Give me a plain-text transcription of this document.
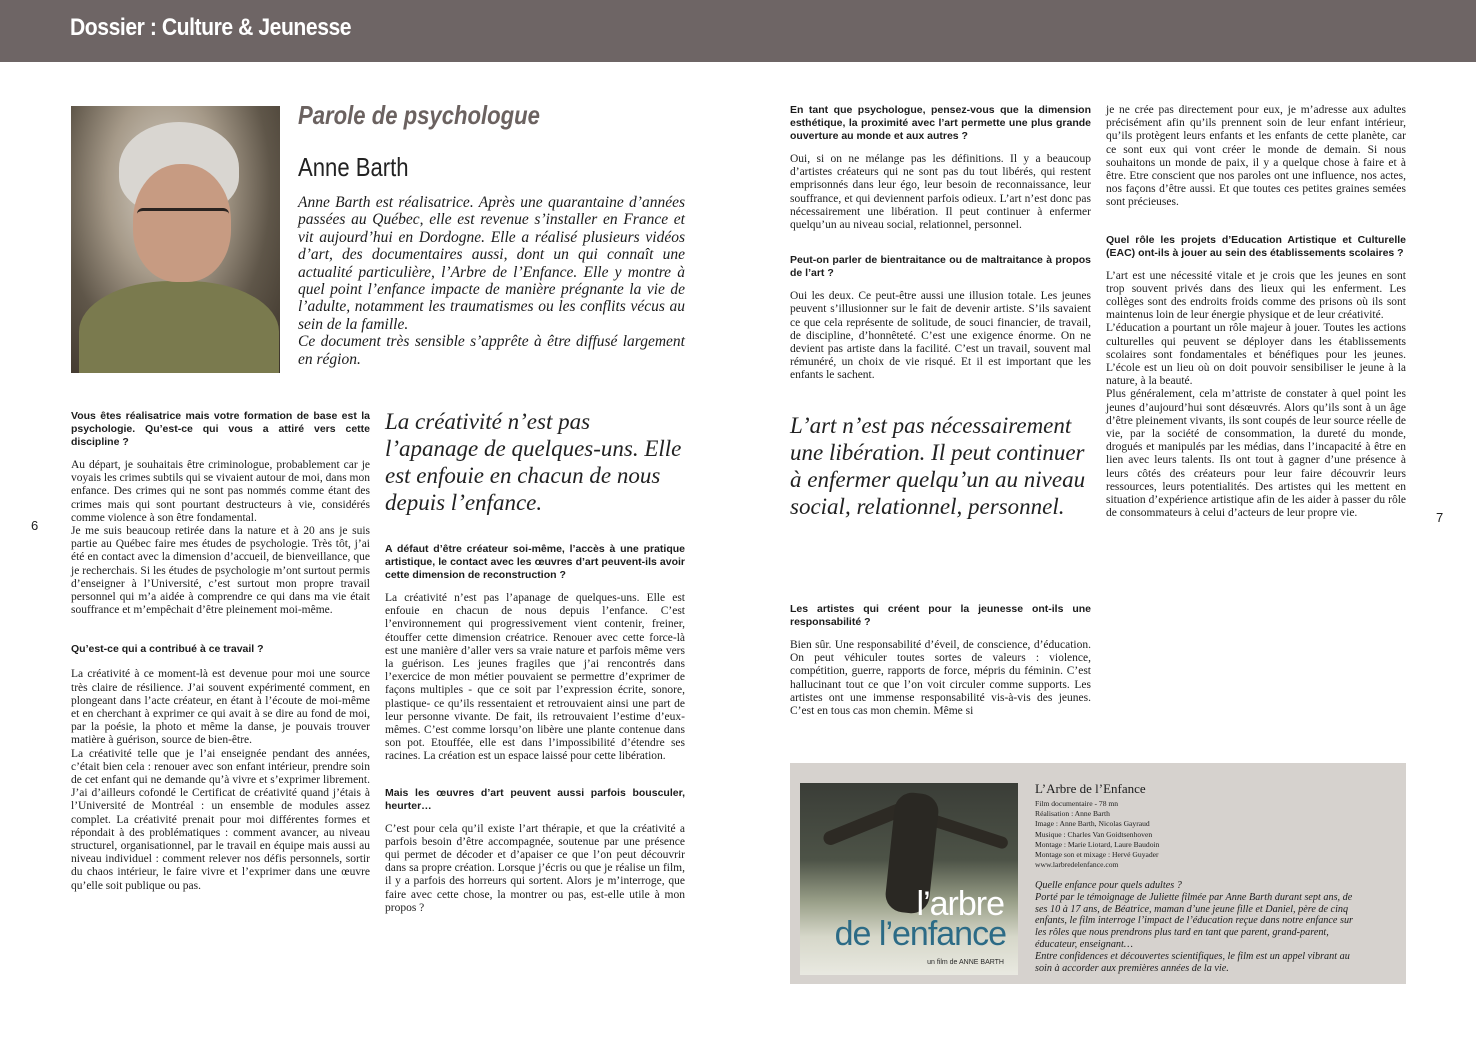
Dossier : Culture & Jeunesse
Parole de psychologue
Anne Barth

Anne Barth est réalisatrice. Après une quarantaine d’années passées au Québec, elle est revenue s’installer en France et vit aujourd’hui en Dordogne. Elle a réalisé plusieurs vidéos d’art, des documentaires aussi, dont un qui connaît une actualité particulière, l’Arbre de l’Enfance. Elle y montre à quel point l’enfance impacte de manière prégnante la vie de l’adulte, notamment les traumatismes ou les conflits vécus au sein de la famille.

Ce document très sensible s’apprête à être diffusé largement en région.

Vous êtes réalisatrice mais votre formation de base est la psychologie. Qu’est-ce qui vous a attiré vers cette discipline ?

Au départ, je souhaitais être criminologue, probablement car je voyais les crimes subtils qui se vivaient autour de moi, dans mon enfance. Des crimes qui ne sont pas nommés comme étant des crimes mais qui sont pourtant destructeurs à vie, considérés comme violence à son être fondamental.

Je me suis beaucoup retirée dans la nature et à 20 ans je suis partie au Québec faire mes études de psychologie. Très tôt, j’ai été en contact avec la dimension d’accueil, de bienveillance, que je recherchais. Si les études de psychologie m’ont surtout permis d’enseigner à l’Université, c’est surtout mon propre travail personnel qui m’a aidée à comprendre ce qui dans ma vie était souffrance et m’empêchait d’être pleinement moi-même.

Qu’est-ce qui a contribué à ce travail ?

La créativité à ce moment-là est devenue pour moi une source très claire de résilience. J’ai souvent expérimenté comment, en plongeant dans l’acte créateur, en étant à l’écoute de moi-même et en cherchant à exprimer ce qui avait à se dire au fond de moi, par la poésie, la photo et même la danse, je pouvais trouver matière à guérison, source de bien-être.

La créativité telle que je l’ai enseignée pendant des années, c’était bien cela : renouer avec son enfant intérieur, prendre soin de cet enfant qui ne demande qu’à vivre et s’exprimer librement. J’ai d’ailleurs cofondé le Certificat de créativité quand j’étais à l’Université de Montréal : un ensemble de modules assez complet. La créativité prenait pour moi différentes formes et répondait à des problématiques : comment avancer, au niveau structurel, organisationnel, par le travail en équipe mais aussi au niveau individuel : comment relever nos défis personnels, sortir du chaos intérieur, le faire vivre et l’exprimer dans une œuvre qu’elle soit publique ou pas.

La créativité n’est pas l’apanage de quelques-uns. Elle est enfouie en chacun de nous depuis l’enfance.

A défaut d’être créateur soi-même, l’accès à une pratique artistique, le contact avec les œuvres d’art peuvent-ils avoir cette dimension de reconstruction ?

La créativité n’est pas l’apanage de quelques-uns. Elle est enfouie en chacun de nous depuis l’enfance. C’est l’environnement qui progressivement vient contenir, freiner, étouffer cette dimension créatrice. Renouer avec cette force-là est une manière d’aller vers sa vraie nature et parfois même vers la guérison. Les jeunes fragiles que j’ai rencontrés dans l’exercice de mon métier pouvaient se permettre d’exprimer de façons multiples - que ce soit par l’expression écrite, sonore, plastique- ce qu’ils ressentaient et retrouvaient ainsi une part de leur personne vivante. De fait, ils retrouvaient l’estime d’eux-mêmes. C’est comme lorsqu’on libère une plante contenue dans son pot. Etouffée, elle est dans l’impossibilité d’étendre ses racines. La création est un espace laissé pour cette libération.

Mais les œuvres d’art peuvent aussi parfois bousculer, heurter…

C’est pour cela qu’il existe l’art thérapie, et que la créativité a parfois besoin d’être accompagnée, soutenue par une présence qui permet de décoder et d’apaiser ce que l’on peut découvrir dans sa propre création. Lorsque j’écris ou que je réalise un film, il y a parfois des horreurs qui sortent. Alors je m’interroge, que faire avec cette chose, la montrer ou pas, est-elle utile à mon propos ?

6
7

En tant que psychologue, pensez-vous que la dimension esthétique, la proximité avec l’art permette une plus grande ouverture au monde et aux autres ?

Oui, si on ne mélange pas les définitions. Il y a beaucoup d’artistes créateurs qui ne sont pas du tout libérés, qui restent emprisonnés dans leur égo, leur besoin de reconnaissance, leur souffrance, et qui deviennent parfois odieux. L’art n’est donc pas nécessairement une libération. Il peut continuer à enfermer quelqu’un au niveau social, relationnel, personnel.

Peut-on parler de bientraitance ou de maltraitance à propos de l’art ?

Oui les deux. Ce peut-être aussi une illusion totale. Les jeunes peuvent s’illusionner sur le fait de devenir artiste. S’ils savaient ce que cela représente de solitude, de souci financier, de travail, de discipline, d’honnêteté. C’est une exigence énorme. On ne devient pas artiste dans la facilité. C’est un travail, souvent mal rémunéré, un choix de vie risqué. Et il est important que les enfants le sachent.

L’art n’est pas nécessairement une libération. Il peut continuer à enfermer quelqu’un au niveau social, relationnel, personnel.

Les artistes qui créent pour la jeunesse ont-ils une responsabilité ?

Bien sûr. Une responsabilité d’éveil, de conscience, d’éducation. On peut véhiculer toutes sortes de valeurs : violence, compétition, guerre, rapports de force, mépris du féminin. C’est hallucinant tout ce que l’on voit circuler comme supports. Les artistes ont une immense responsabilité vis-à-vis des jeunes. C’est en tous cas mon chemin. Même si

je ne crée pas directement pour eux, je m’adresse aux adultes précisément afin qu’ils prennent soin de leur enfant intérieur, qu’ils protègent leurs enfants et les enfants de cette planète, car ce sont eux qui vont créer le monde de demain. Si nous souhaitons un monde de paix, il y a quelque chose à faire et à être. Etre conscient que nos paroles ont une influence, nos actes, nos façons d’être aussi. Et que toutes ces petites graines semées sont précieuses.

Quel rôle les projets d’Education Artistique et Culturelle (EAC) ont-ils à jouer au sein des établissements scolaires ?

L’art est une nécessité vitale et je crois que les jeunes en sont trop souvent privés dans des lieux qui les enferment. Les collèges sont des endroits froids comme des prisons où ils sont maintenus loin de leur énergie physique et de leur créativité.

L’éducation a pourtant un rôle majeur à jouer. Toutes les actions culturelles qui peuvent se déployer dans les établissements scolaires sont fondamentales et bénéfiques pour les jeunes. L’école est un lieu où on doit pouvoir sensibiliser le jeune à la nature, à la beauté.

Plus généralement, cela m’attriste de constater à quel point les jeunes d’aujourd’hui sont désœuvrés. Alors qu’ils sont à un âge d’être pleinement vivants, ils sont coupés de leur source réelle de vie, par la société de consommation, la dureté du monde, drogués et manipulés par les médias, dans l’incapacité à être en lien avec leurs talents. Ils ont tout à gagner d’une présence à leurs côtés des créateurs pour leur faire découvrir leurs ressources, leurs potentialités. Des artistes qui les mettent en situation d’expérience artistique afin de les aider à passer du rôle de consommateurs à celui d’acteurs de leur propre vie.

l’arbre
de l’enfance
un film de ANNE BARTH
L’Arbre de l’Enfance

Film documentaire - 78 mn

Réalisation : Anne Barth

Image : Anne Barth, Nicolas Gayraud

Musique : Charles Van Goidtsenhoven

Montage : Marie Liotard, Laure Baudoin

Montage son et mixage : Hervé Guyader

www.larbredelenfance.com

Quelle enfance pour quels adultes ?

Porté par le témoignage de Juliette filmée par Anne Barth durant sept ans, de ses 10 à 17 ans, de Béatrice, maman d’une jeune fille et Daniel, père de cinq enfants, le film interroge l’impact de l’éducation reçue dans notre enfance sur les rôles que nous prendrons plus tard en tant que parent, grand-parent, éducateur, enseignant…

Entre confidences et découvertes scientifiques, le film est un appel vibrant au soin à accorder aux premières années de la vie.
